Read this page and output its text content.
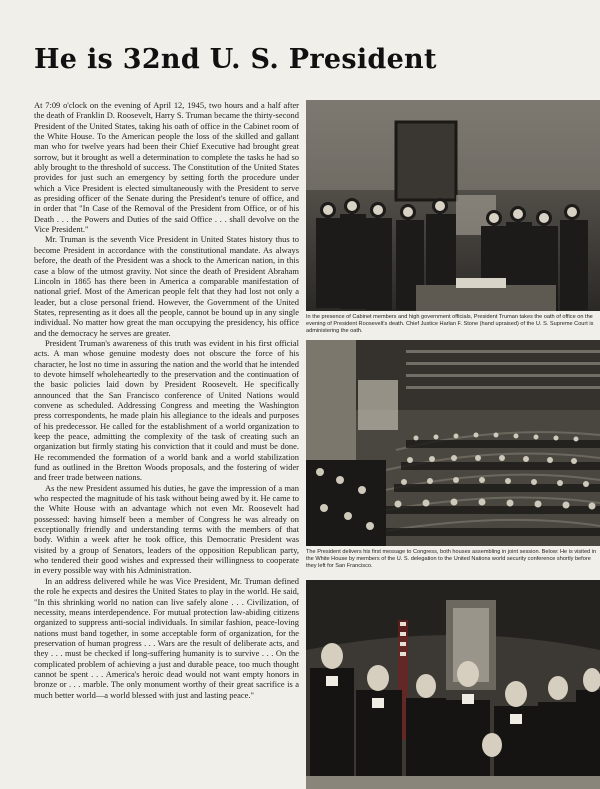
He is 32nd U. S. President

At 7:09 o'clock on the evening of April 12, 1945, two hours and a half after the death of Franklin D. Roosevelt, Harry S. Truman became the thirty-second President of the United States, taking his oath of office in the Cabinet room of the White House. To the American people the loss of the skilled and gallant man who for twelve years had been their Chief Executive had brought great sorrow, but it brought as well a determination to complete the tasks he had so ably brought to the threshold of success. The Constitution of the United States provides for just such an emergency by setting forth the procedure under which a Vice President is elected simultaneously with the President to serve as presiding officer of the Senate during the President's tenure of office, and in order that "In Case of the Removal of the President from Office, or of his Death . . . the Powers and Duties of the said Office . . . shall devolve on the Vice President."

Mr. Truman is the seventh Vice President in United States history thus to become President in accordance with the constitutional mandate. As always before, the death of the President was a shock to the American nation, in this case a blow of the utmost gravity. Not since the death of President Abraham Lincoln in 1865 has there been in America a comparable manifestation of national grief. Most of the American people felt that they had lost not only a leader, but a close personal friend. However, the Government of the United States, representing as it does all the people, cannot be bound up in any single individual. No matter how great the man occupying the presidency, his office and the democracy he serves are greater.

President Truman's awareness of this truth was evident in his first official acts. A man whose genuine modesty does not obscure the force of his character, he lost no time in assuring the nation and the world that he intended to devote himself wholeheartedly to the preservation and the continuation of the basic policies laid down by President Roosevelt. He specifically announced that the San Francisco conference of United Nations would convene as scheduled. Addressing Congress and meeting the Washington press correspondents, he made plain his allegiance to the ideals and purposes of his predecessor. He called for the establishment of a world organization to keep the peace, admitting the complexity of the task of creating such an organization but firmly stating his conviction that it could and must be done. He recommended the formation of a world bank and a world stabilization fund as outlined in the Bretton Woods proposals, and the fostering of wider and freer trade between nations.

As the new President assumed his duties, he gave the impression of a man who respected the magnitude of his task without being awed by it. He came to the White House with an advantage which not even Mr. Roosevelt had possessed: having himself been a member of Congress he was already on exceptionally friendly and understanding terms with the members of that body. Within a week after he took office, this Democratic President was visited by a group of Senators, leaders of the opposition Republican party, who tendered their good wishes and expressed their willingness to cooperate in every possible way with his Administration.

In an address delivered while he was Vice President, Mr. Truman defined the role he expects and desires the United States to play in the world. He said, "In this shrinking world no nation can live safely alone . . . Civilization, of necessity, means interdependence. For mutual protection law-abiding citizens organized to suppress anti-social individuals. In similar fashion, peace-loving nations must band together, in some acceptable form of organization, for the preservation of human progress . . . Wars are the result of deliberate acts, and they . . . must be checked if long-suffering humanity is to survive . . . On the complicated problem of achieving a just and durable peace, too much thought cannot be spent . . . America's heroic dead would not want empty honors in bronze or . . . marble. The only monument worthy of their great sacrifice is a much better world—a world blessed with just and lasting peace."

In the presence of Cabinet members and high government officials, President Truman takes the oath of office on the evening of President Roosevelt's death. Chief Justice Harlan F. Stone (hand upraised) of the U. S. Supreme Court is administering the oath.

The President delivers his first message to Congress, both houses assembling in joint session. Below: He is visited in the White House by members of the U. S. delegation to the United Nations world security conference shortly before they left for San Francisco.
